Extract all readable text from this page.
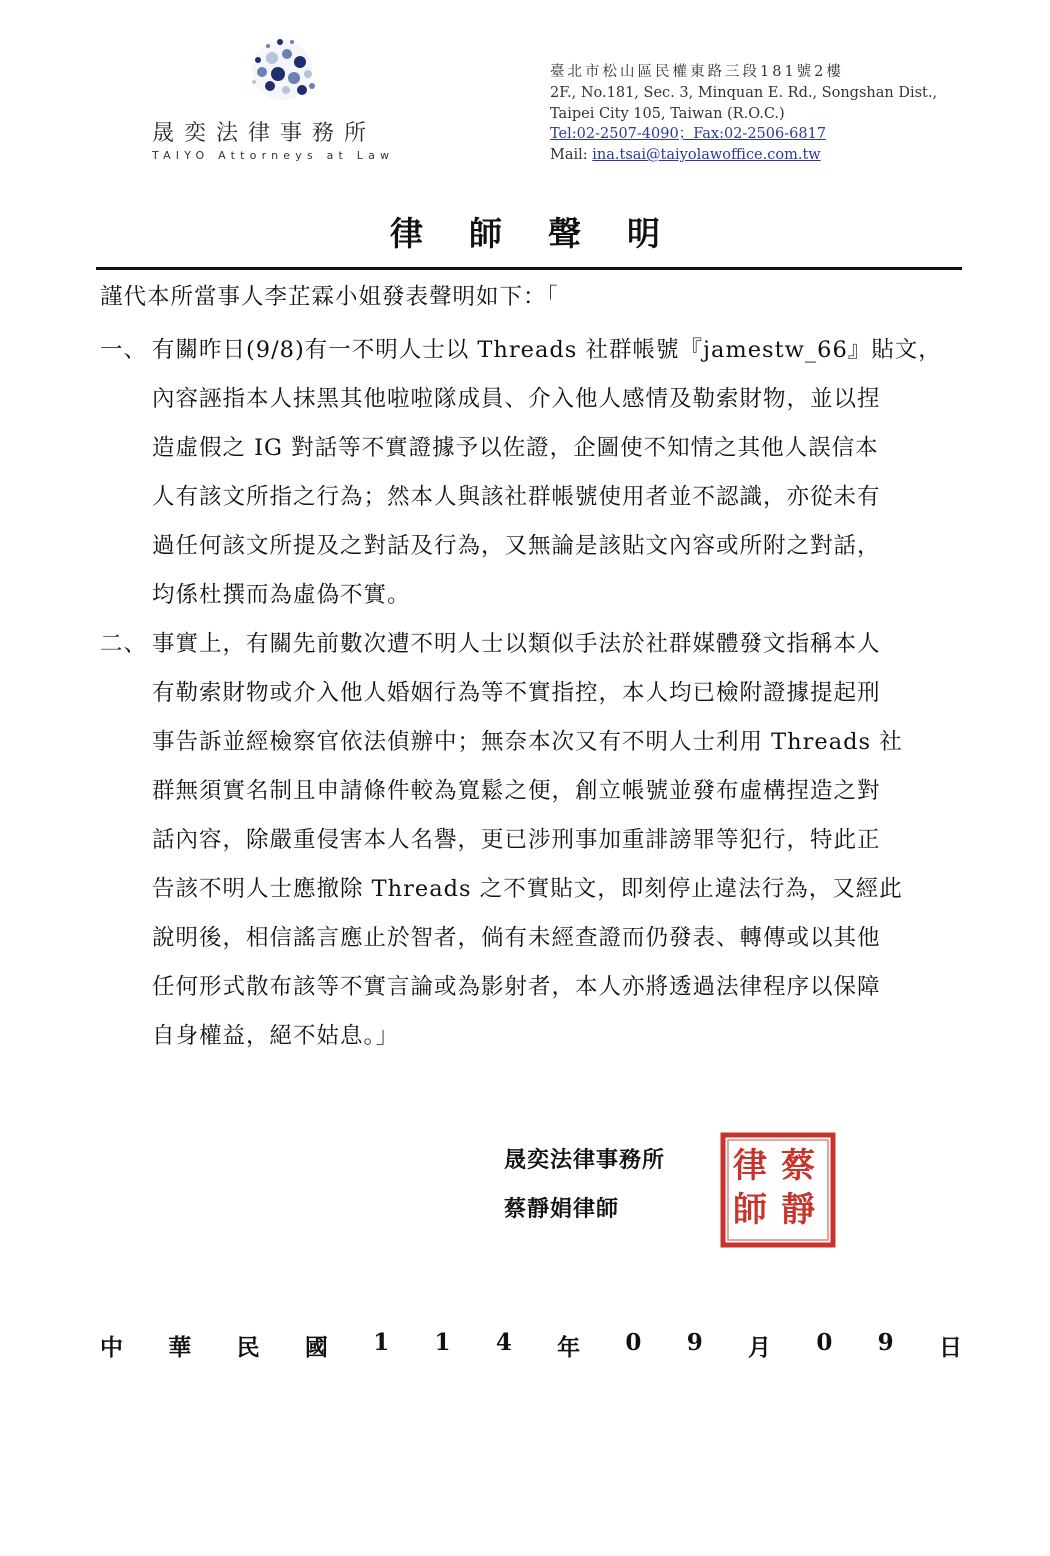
晟奕法律事務所
TAIYO Attorneys at Law
臺北市松山區民權東路三段181號2樓
2F., No.181, Sec. 3, Minquan E. Rd., Songshan Dist.,
Taipei City 105, Taiwan (R.O.C.)
Tel:02-2507-4090；Fax:02-2506-6817
Mail: ina.tsai@taiyolawoffice.com.tw
律師聲明
謹代本所當事人李芷霖小姐發表聲明如下：「
一、 有關昨日(9/8)有一不明人士以 Threads 社群帳號『jamestw_66』貼文，
內容誣指本人抹黑其他啦啦隊成員、介入他人感情及勒索財物，並以捏
造虛假之 IG 對話等不實證據予以佐證，企圖使不知情之其他人誤信本
人有該文所指之行為；然本人與該社群帳號使用者並不認識，亦從未有
過任何該文所提及之對話及行為，又無論是該貼文內容或所附之對話，
均係杜撰而為虛偽不實。
二、 事實上，有關先前數次遭不明人士以類似手法於社群媒體發文指稱本人
有勒索財物或介入他人婚姻行為等不實指控，本人均已檢附證據提起刑
事告訴並經檢察官依法偵辦中；無奈本次又有不明人士利用 Threads 社
群無須實名制且申請條件較為寬鬆之便，創立帳號並發布虛構捏造之對
話內容，除嚴重侵害本人名譽，更已涉刑事加重誹謗罪等犯行，特此正
告該不明人士應撤除 Threads 之不實貼文，即刻停止違法行為，又經此
說明後，相信謠言應止於智者，倘有未經查證而仍發表、轉傳或以其他
任何形式散布該等不實言論或為影射者，本人亦將透過法律程序以保障
自身權益，絕不姑息。」
晟奕法律事務所
蔡靜娟律師
蔡
靜
律
師
中 華 民 國 1 1 4 年 0 9 月 0 9 日
